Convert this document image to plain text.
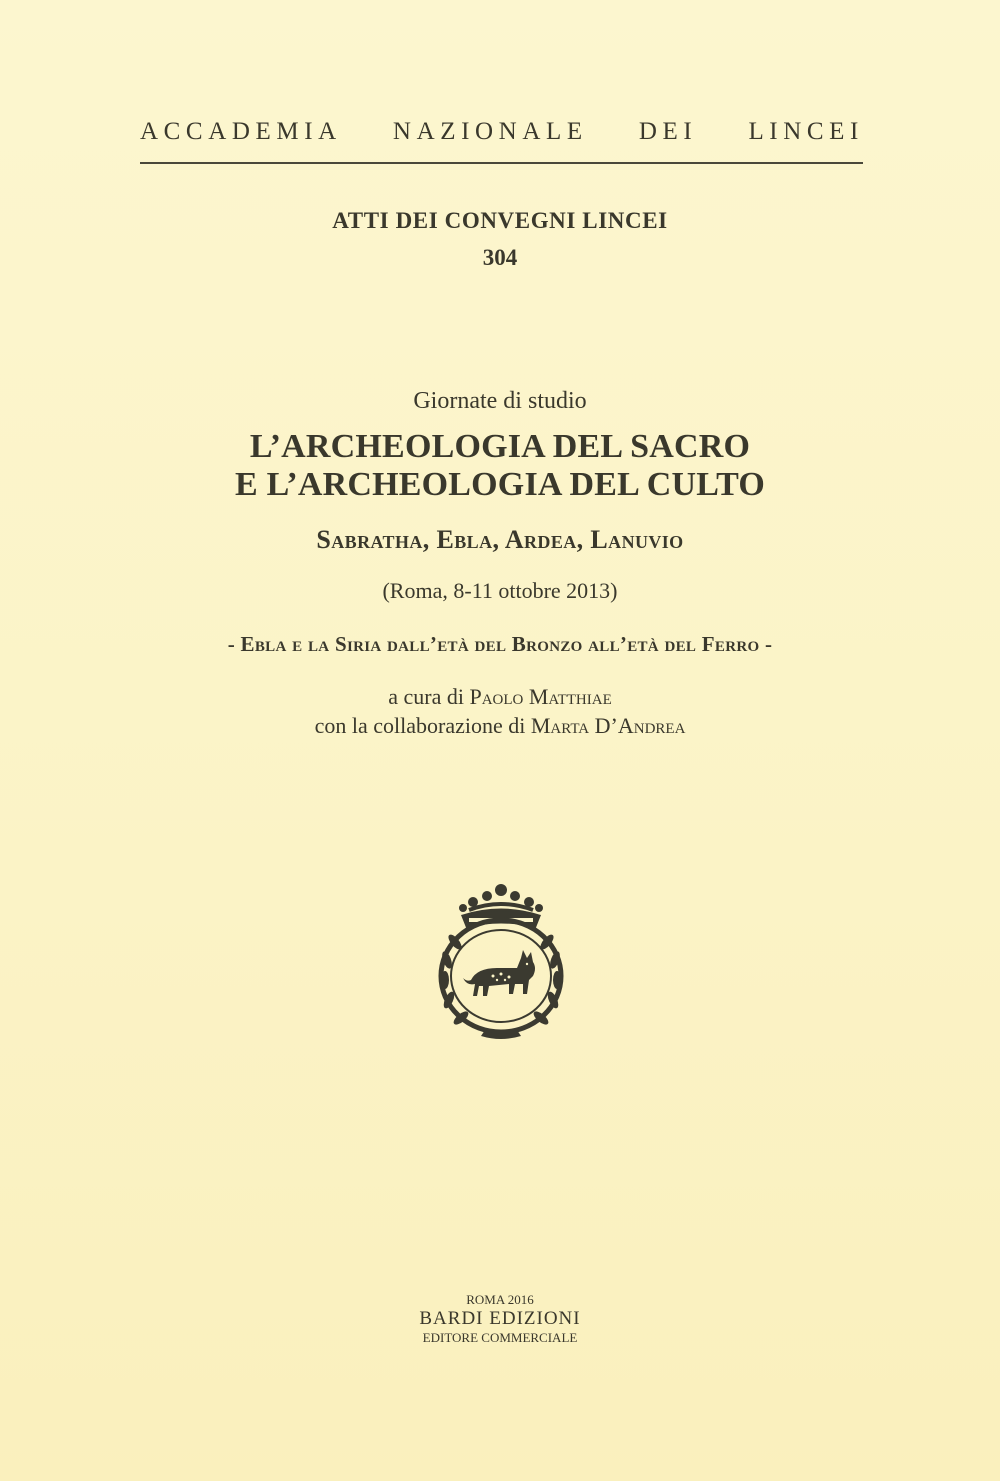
ACCADEMIA NAZIONALE DEI LINCEI
ATTI DEI CONVEGNI LINCEI
304
Giornate di studio
L’ARCHEOLOGIA DEL SACRO
E L’ARCHEOLOGIA DEL CULTO
Sabratha, Ebla, Ardea, Lanuvio
(Roma, 8-11 ottobre 2013)
- Ebla e la Siria dall’età del Bronzo all’età del Ferro -
a cura di Paolo Matthiae
con la collaborazione di Marta D’Andrea
ROMA 2016
BARDI EDIZIONI
EDITORE COMMERCIALE
